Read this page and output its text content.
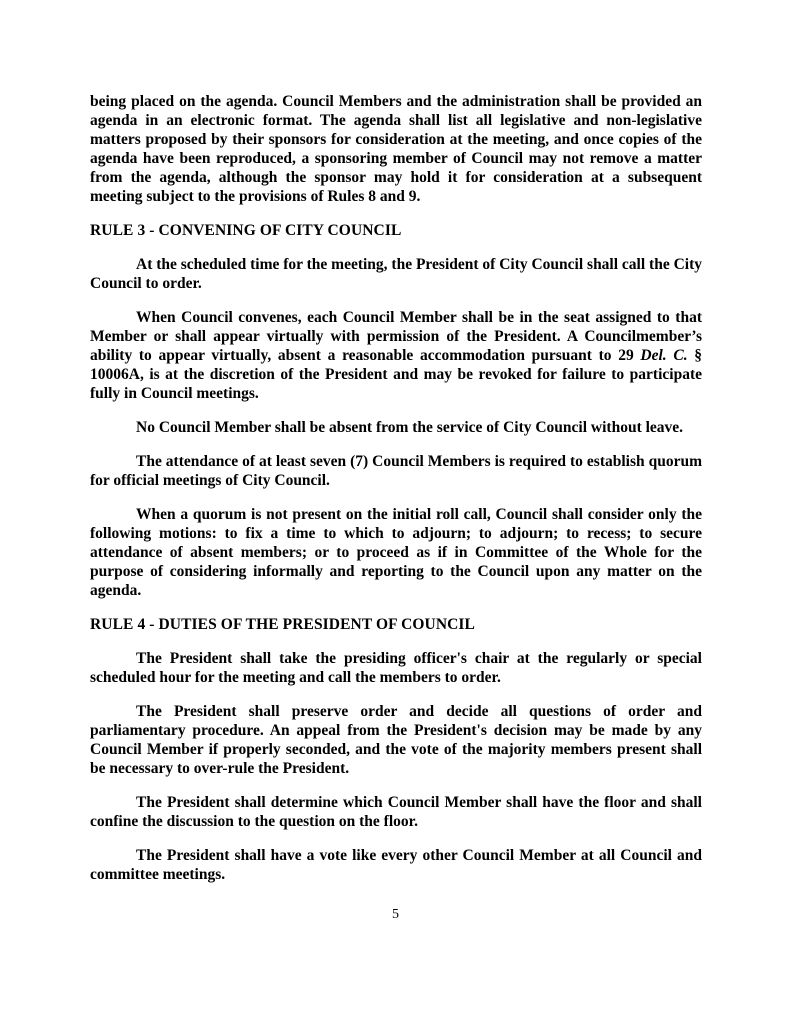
being placed on the agenda. Council Members and the administration shall be provided an agenda in an electronic format. The agenda shall list all legislative and non-legislative matters proposed by their sponsors for consideration at the meeting, and once copies of the agenda have been reproduced, a sponsoring member of Council may not remove a matter from the agenda, although the sponsor may hold it for consideration at a subsequent meeting subject to the provisions of Rules 8 and 9.

RULE 3 - CONVENING OF CITY COUNCIL

At the scheduled time for the meeting, the President of City Council shall call the City Council to order.

When Council convenes, each Council Member shall be in the seat assigned to that Member or shall appear virtually with permission of the President. A Councilmember’s ability to appear virtually, absent a reasonable accommodation pursuant to 29 Del. C. § 10006A, is at the discretion of the President and may be revoked for failure to participate fully in Council meetings.

No Council Member shall be absent from the service of City Council without leave.

The attendance of at least seven (7) Council Members is required to establish quorum for official meetings of City Council.

When a quorum is not present on the initial roll call, Council shall consider only the following motions: to fix a time to which to adjourn; to adjourn; to recess; to secure attendance of absent members; or to proceed as if in Committee of the Whole for the purpose of considering informally and reporting to the Council upon any matter on the agenda.

RULE 4 - DUTIES OF THE PRESIDENT OF COUNCIL

The President shall take the presiding officer's chair at the regularly or special scheduled hour for the meeting and call the members to order.

The President shall preserve order and decide all questions of order and parliamentary procedure. An appeal from the President's decision may be made by any Council Member if properly seconded, and the vote of the majority members present shall be necessary to over-rule the President.

The President shall determine which Council Member shall have the floor and shall confine the discussion to the question on the floor.

The President shall have a vote like every other Council Member at all Council and committee meetings.

5
